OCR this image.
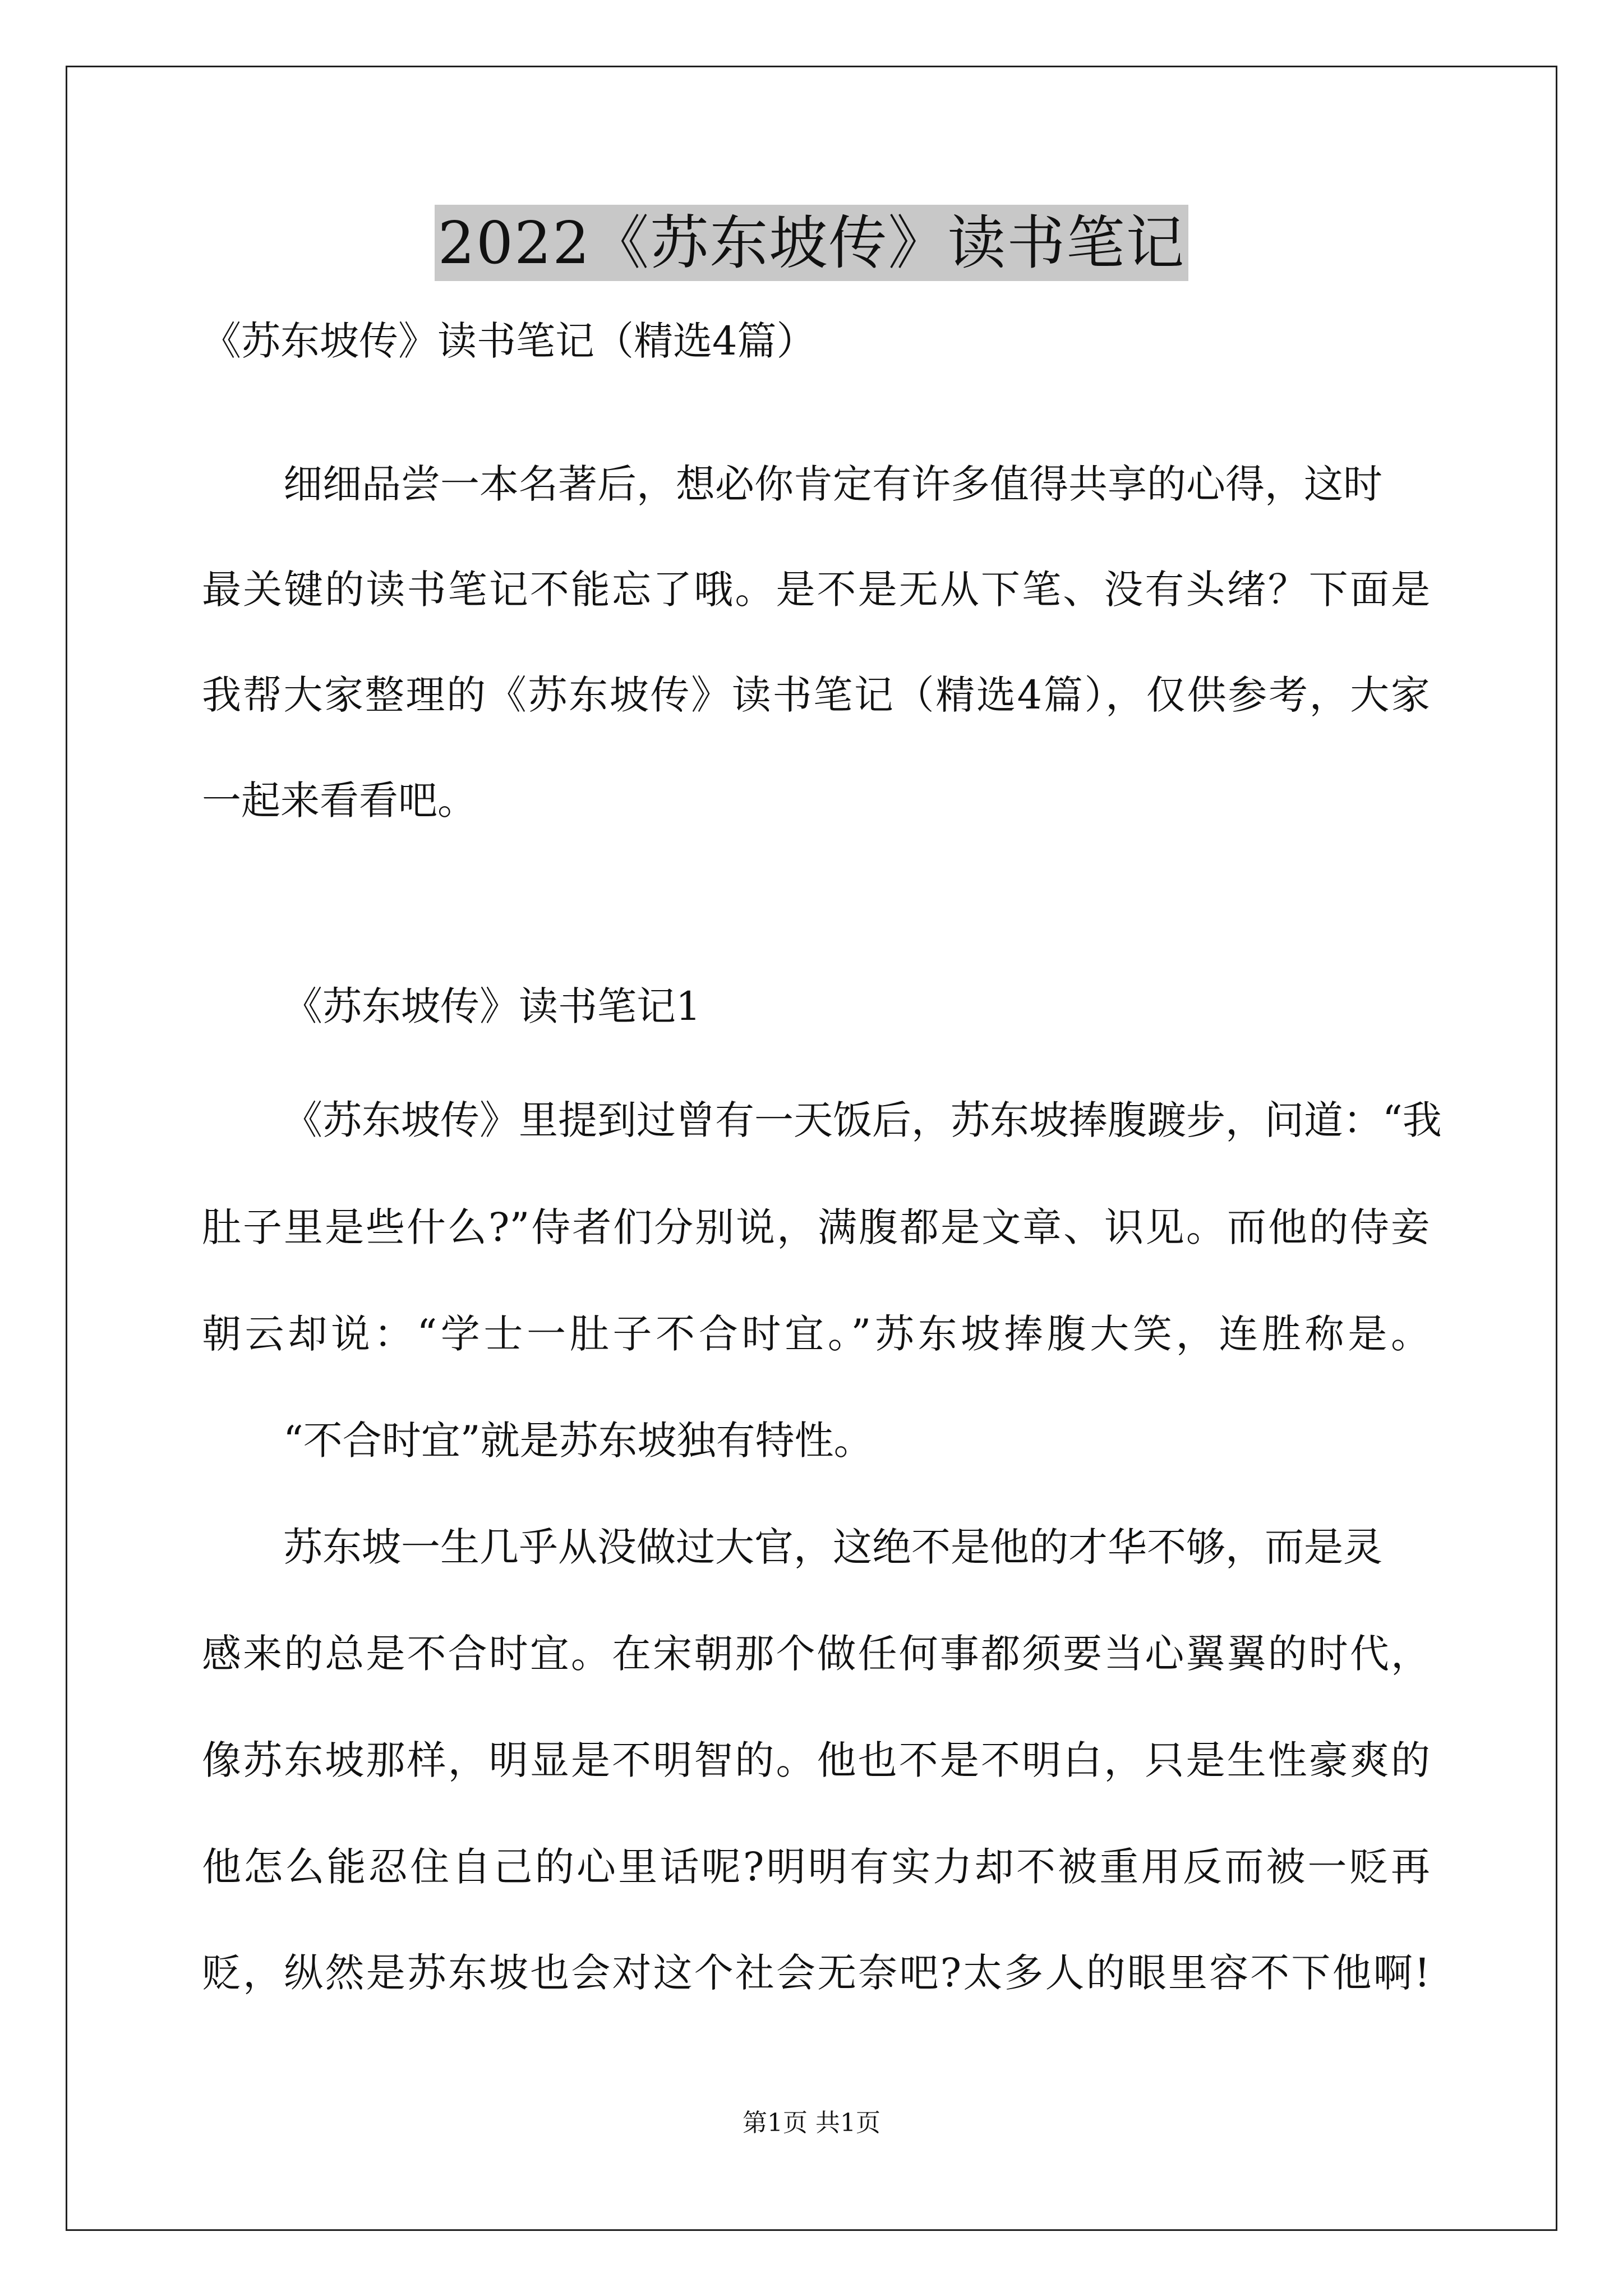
2022《苏东坡传》读书笔记
《苏东坡传》读书笔记（精选4篇）
细细品尝一本名著后，想必你肯定有许多值得共享的心得，这时
最关键的读书笔记不能忘了哦。是不是无从下笔、没有头绪？下面是
我帮大家整理的《苏东坡传》读书笔记（精选4篇），仅供参考，大家
一起来看看吧。
《苏东坡传》读书笔记1
《苏东坡传》里提到过曾有一天饭后，苏东坡捧腹踱步，问道：“我
肚子里是些什么?”侍者们分别说，满腹都是文章、识见。而他的侍妾
朝云却说：“学士一肚子不合时宜。”苏东坡捧腹大笑，连胜称是。
“不合时宜”就是苏东坡独有特性。
苏东坡一生几乎从没做过大官，这绝不是他的才华不够，而是灵
感来的总是不合时宜。在宋朝那个做任何事都须要当心翼翼的时代，
像苏东坡那样，明显是不明智的。他也不是不明白，只是生性豪爽的
他怎么能忍住自己的心里话呢?明明有实力却不被重用反而被一贬再
贬，纵然是苏东坡也会对这个社会无奈吧?太多人的眼里容不下他啊!
第1页 共1页
